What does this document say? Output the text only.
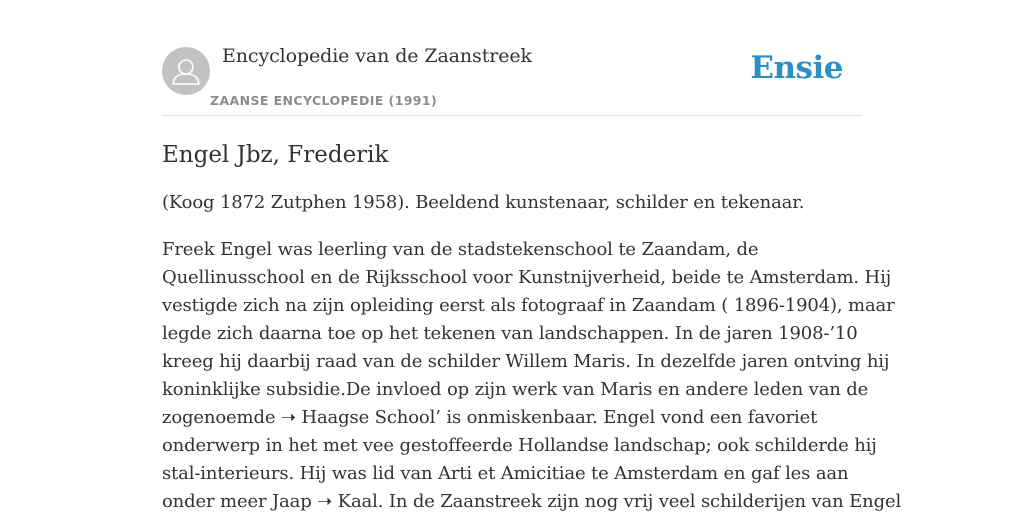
Encyclopedie van de Zaanstreek
ZAANSE ENCYCLOPEDIE (1991)
Ensie
Engel Jbz, Frederik

(Koog 1872 Zutphen 1958). Beeldend kunstenaar, schilder en tekenaar.

Freek Engel was leerling van de stadstekenschool te Zaandam, de
Quellinusschool en de Rijksschool voor Kunstnijverheid, beide te Amsterdam. Hij
vestigde zich na zijn opleiding eerst als fotograaf in Zaandam ( 1896-1904), maar
legde zich daarna toe op het tekenen van landschappen. In de jaren 1908-’10
kreeg hij daarbij raad van de schilder Willem Maris. In dezelfde jaren ontving hij
koninklijke subsidie.De invloed op zijn werk van Maris en andere leden van de
zogenoemde ➝ Haagse School’ is onmiskenbaar. Engel vond een favoriet
onderwerp in het met vee gestoffeerde Hollandse landschap; ook schilderde hij
stal-interieurs. Hij was lid van Arti et Amicitiae te Amsterdam en gaf les aan
onder meer Jaap ➝ Kaal. In de Zaanstreek zijn nog vrij veel schilderijen van Engel
